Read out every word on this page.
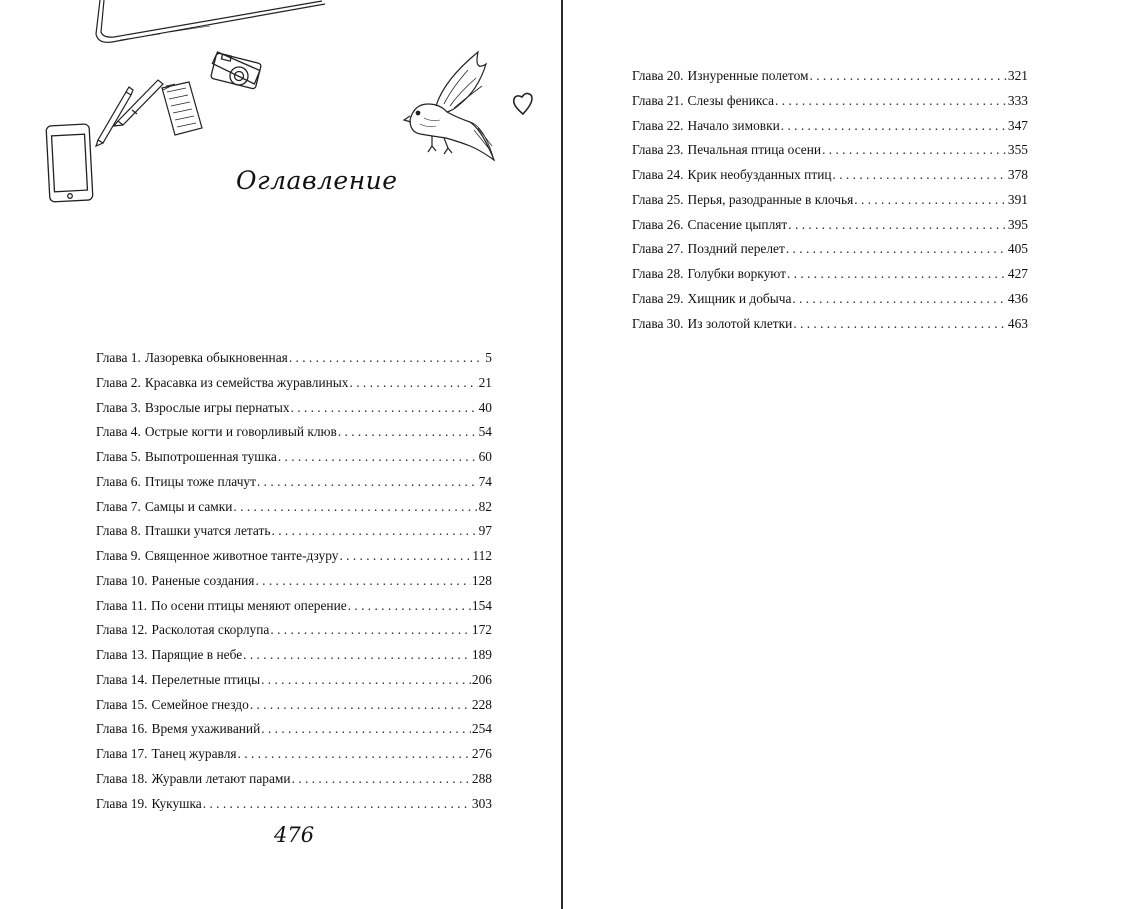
Оглавление
Глава 1. Лазоревка обыкновенная . . .	5
Глава 2. Красавка из семейства журавлиных . . .	21
Глава 3. Взрослые игры пернатых . . .	40
Глава 4. Острые когти и говорливый клюв . . .	54
Глава 5. Выпотрошенная тушка . . .	60
Глава 6. Птицы тоже плачут . . .	74
Глава 7. Самцы и самки . . .	82
Глава 8. Пташки учатся летать . . .	97
Глава 9. Священное животное танте-дзуру . . .	112
Глава 10. Раненые создания . . .	128
Глава 11. По осени птицы меняют оперение . . .	154
Глава 12. Расколотая скорлупа . . .	172
Глава 13. Парящие в небе . . .	189
Глава 14. Перелетные птицы . . .	206
Глава 15. Семейное гнездо . . .	228
Глава 16. Время ухаживаний . . .	254
Глава 17. Танец журавля . . .	276
Глава 18. Журавли летают парами . . .	288
Глава 19. Кукушка . . .	303
476
Глава 20. Изнуренные полетом . . .	321
Глава 21. Слезы феникса . . .	333
Глава 22. Начало зимовки . . .	347
Глава 23. Печальная птица осени . . .	355
Глава 24. Крик необузданных птиц . . .	378
Глава 25. Перья, разодранные в клочья . . .	391
Глава 26. Спасение цыплят . . .	395
Глава 27. Поздний перелет . . .	405
Глава 28. Голубки воркуют . . .	427
Глава 29. Хищник и добыча . . .	436
Глава 30. Из золотой клетки . . .	463
